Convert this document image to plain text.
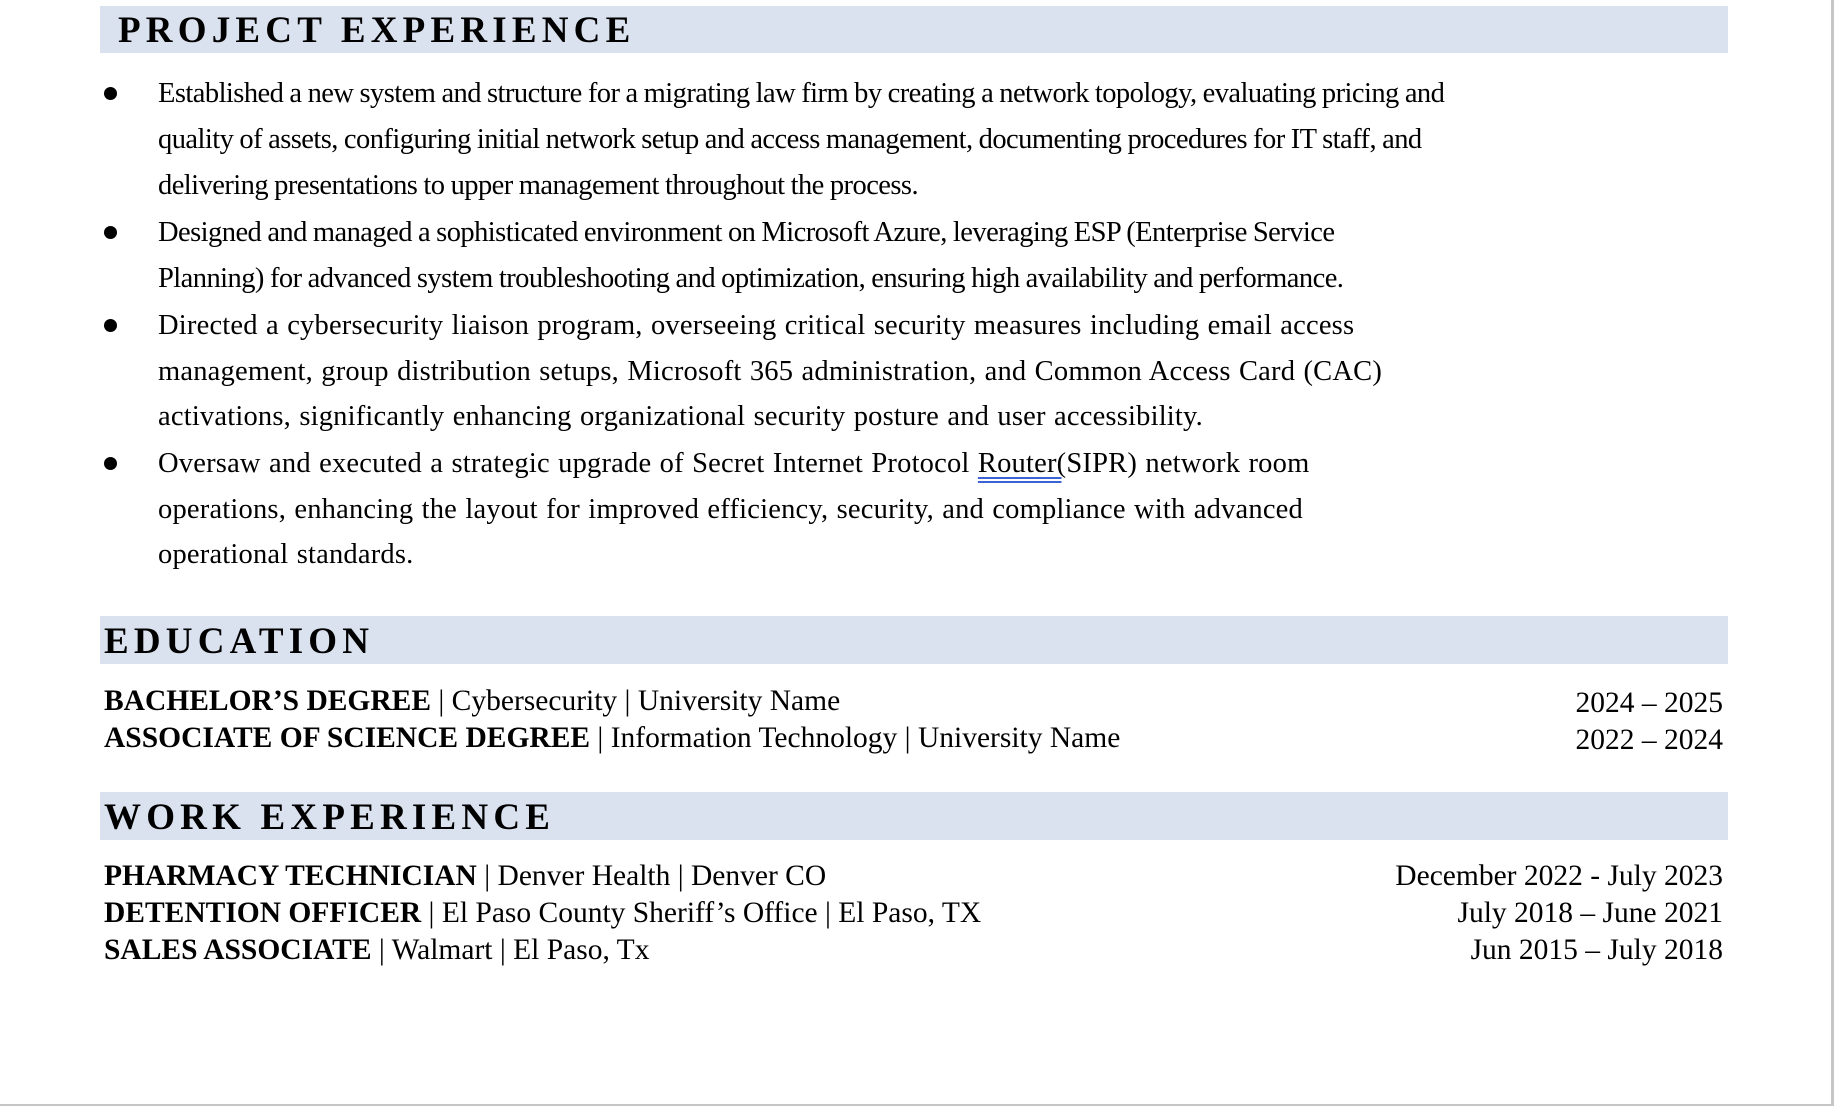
PROJECT EXPERIENCE
Established a new system and structure for a migrating law firm by creating a network topology, evaluating pricing and
quality of assets, configuring initial network setup and access management, documenting procedures for IT staff, and
delivering presentations to upper management throughout the process.
Designed and managed a sophisticated environment on Microsoft Azure, leveraging ESP (Enterprise Service
Planning) for advanced system troubleshooting and optimization, ensuring high availability and performance.
Directed a cybersecurity liaison program, overseeing critical security measures including email access
management, group distribution setups, Microsoft 365 administration, and Common Access Card (CAC)
activations, significantly enhancing organizational security posture and user accessibility.
Oversaw and executed a strategic upgrade of Secret Internet Protocol Router(SIPR) network room
operations, enhancing the layout for improved efficiency, security, and compliance with advanced
operational standards.
EDUCATION
BACHELOR’S DEGREE | Cybersecurity | University Name	2024 – 2025
ASSOCIATE OF SCIENCE DEGREE | Information Technology | University Name	2022 – 2024
WORK EXPERIENCE
PHARMACY TECHNICIAN | Denver Health | Denver CO	December 2022 - July 2023
DETENTION OFFICER | El Paso County Sheriff’s Office | El Paso, TX	July 2018 – June 2021
SALES ASSOCIATE | Walmart | El Paso, Tx	Jun 2015 – July 2018
